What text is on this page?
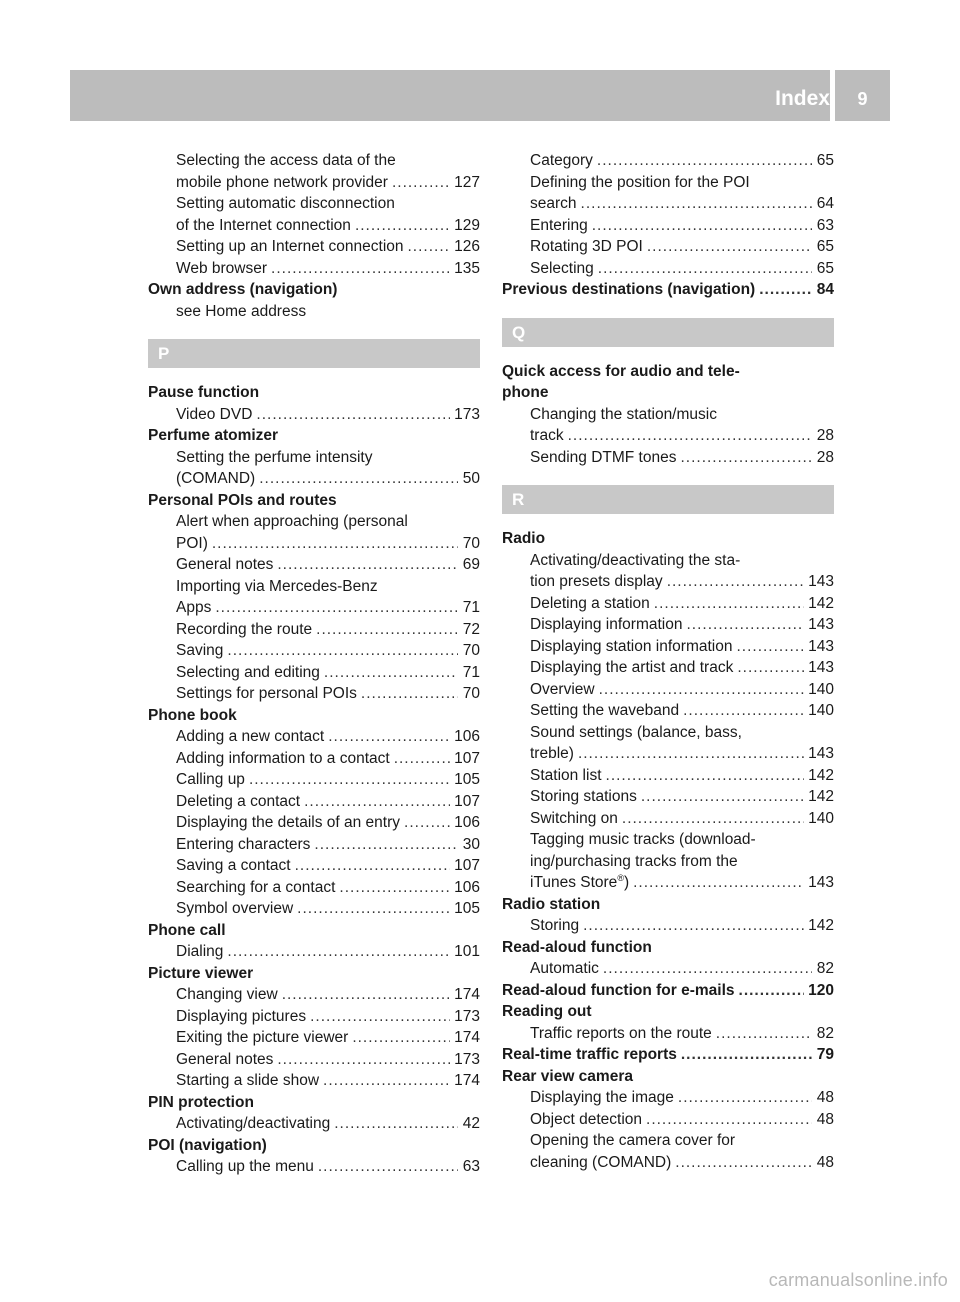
Index	9
Selecting the access data of the
mobile phone network provider .....	127
Setting automatic disconnection
of the Internet connection .....	129
Setting up an Internet connection .....	126
Web browser .....	135
Own address (navigation)
see Home address
P
Pause function
Video DVD .....	173
Perfume atomizer
Setting the perfume intensity
(COMAND) .....	50
Personal POIs and routes
Alert when approaching (personal
POI) .....	70
General notes .....	69
Importing via Mercedes-Benz
Apps .....	71
Recording the route .....	72
Saving .....	70
Selecting and editing .....	71
Settings for personal POIs .....	70
Phone book
Adding a new contact .....	106
Adding information to a contact .....	107
Calling up .....	105
Deleting a contact .....	107
Displaying the details of an entry .....	106
Entering characters .....	30
Saving a contact .....	107
Searching for a contact .....	106
Symbol overview .....	105
Phone call
Dialing .....	101
Picture viewer
Changing view .....	174
Displaying pictures .....	173
Exiting the picture viewer .....	174
General notes .....	173
Starting a slide show .....	174
PIN protection
Activating/deactivating .....	42
POI (navigation)
Calling up the menu .....	63
Category .....	65
Defining the position for the POI
search .....	64
Entering .....	63
Rotating 3D POI .....	65
Selecting .....	65
Previous destinations (navigation) .....	84
Q
Quick access for audio and tele-
phone
Changing the station/music
track .....	28
Sending DTMF tones .....	28
R
Radio
Activating/deactivating the sta-
tion presets display .....	143
Deleting a station .....	142
Displaying information .....	143
Displaying station information .....	143
Displaying the artist and track .....	143
Overview .....	140
Setting the waveband .....	140
Sound settings (balance, bass,
treble) .....	143
Station list .....	142
Storing stations .....	142
Switching on .....	140
Tagging music tracks (download-
ing/purchasing tracks from the
iTunes Store®) .....	143
Radio station
Storing .....	142
Read-aloud function
Automatic .....	82
Read-aloud function for e-mails .....	120
Reading out
Traffic reports on the route .....	82
Real-time traffic reports .....	79
Rear view camera
Displaying the image .....	48
Object detection .....	48
Opening the camera cover for
cleaning (COMAND) .....	48
carmanualsonline.info
